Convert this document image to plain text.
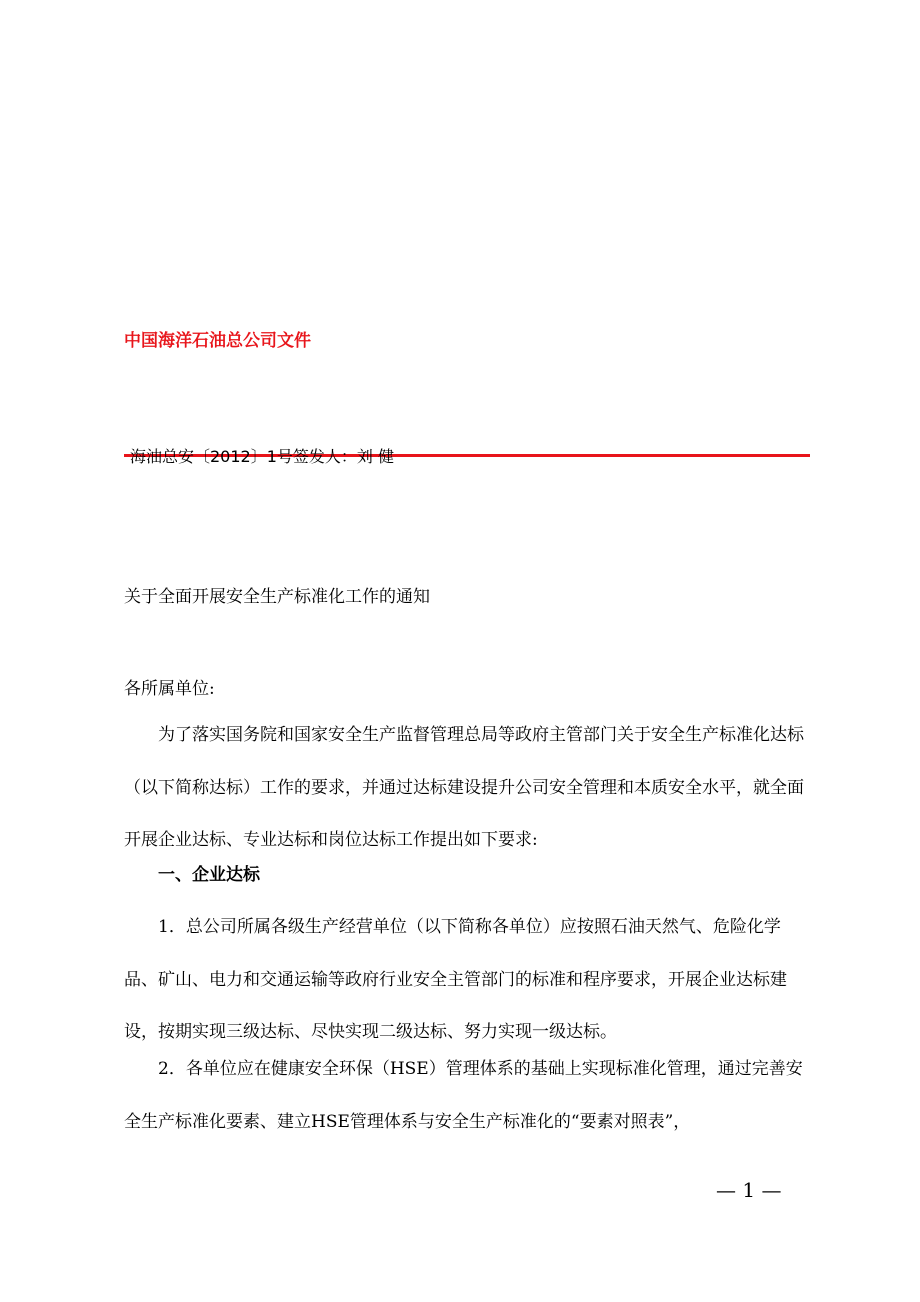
中国海洋石油总公司文件
海油总安〔2012〕1号签发人：刘 健
关于全面开展安全生产标准化工作的通知
各所属单位:
为了落实国务院和国家安全生产监督管理总局等政府主管部门关于安全生产标准化达标（以下简称达标）工作的要求，并通过达标建设提升公司安全管理和本质安全水平，就全面开展企业达标、专业达标和岗位达标工作提出如下要求:
一、企业达标
1．总公司所属各级生产经营单位（以下简称各单位）应按照石油天然气、危险化学品、矿山、电力和交通运输等政府行业安全主管部门的标准和程序要求，开展企业达标建设，按期实现三级达标、尽快实现二级达标、努力实现一级达标。
2．各单位应在健康安全环保（HSE）管理体系的基础上实现标准化管理，通过完善安全生产标准化要素、建立HSE管理体系与安全生产标准化的“要素对照表”，
— 1 —
